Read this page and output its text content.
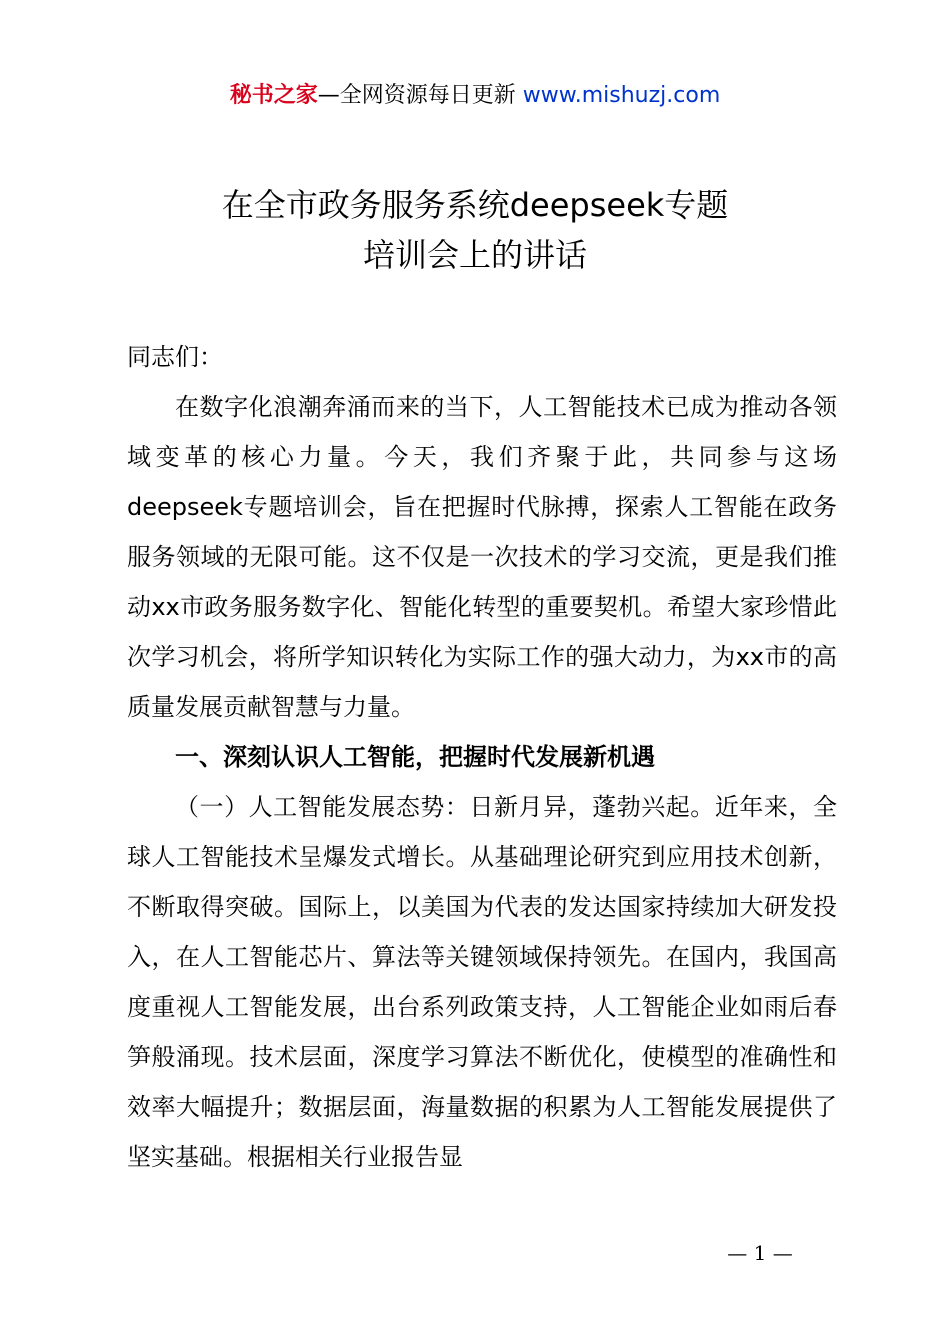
秘书之家—全网资源每日更新 www.mishuzj.com
在全市政务服务系统deepseek专题
培训会上的讲话

同志们：

在数字化浪潮奔涌而来的当下，人工智能技术已成为推动各领域变革的核心力量。今天，我们齐聚于此，共同参与这场deepseek专题培训会，旨在把握时代脉搏，探索人工智能在政务服务领域的无限可能。这不仅是一次技术的学习交流，更是我们推动xx市政务服务数字化、智能化转型的重要契机。希望大家珍惜此次学习机会，将所学知识转化为实际工作的强大动力，为xx市的高质量发展贡献智慧与力量。

一、深刻认识人工智能，把握时代发展新机遇

（一）人工智能发展态势：日新月异，蓬勃兴起。近年来，全球人工智能技术呈爆发式增长。从基础理论研究到应用技术创新，不断取得突破。国际上，以美国为代表的发达国家持续加大研发投入，在人工智能芯片、算法等关键领域保持领先。在国内，我国高度重视人工智能发展，出台系列政策支持，人工智能企业如雨后春笋般涌现。技术层面，深度学习算法不断优化，使模型的准确性和效率大幅提升；数据层面，海量数据的积累为人工智能发展提供了坚实基础。根据相关行业报告显

— 1 —
